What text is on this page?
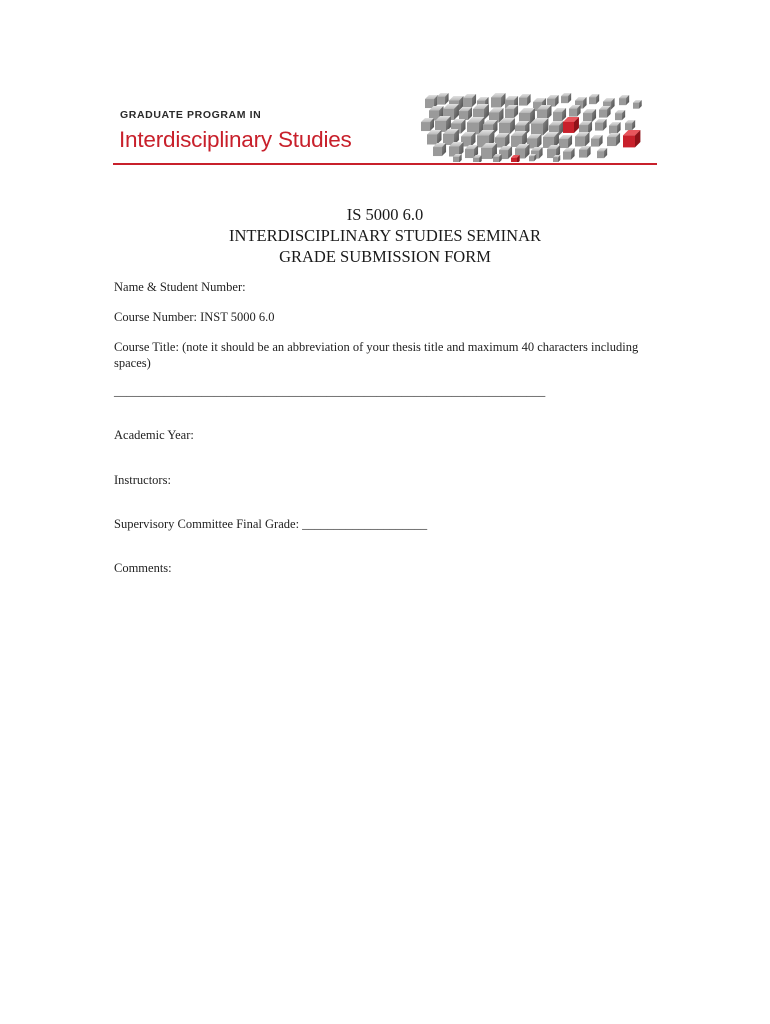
GRADUATE PROGRAM IN
Interdisciplinary Studies
IS 5000 6.0
INTERDISCIPLINARY STUDIES SEMINAR
GRADE SUBMISSION FORM
Name & Student Number:
Course Number: INST 5000 6.0
Course Title: (note it should be an abbreviation of your thesis title and maximum 40 characters including spaces)
_____________________________________________________________________
Academic Year:
Instructors:
Supervisory Committee Final Grade: ____________________
Comments:
